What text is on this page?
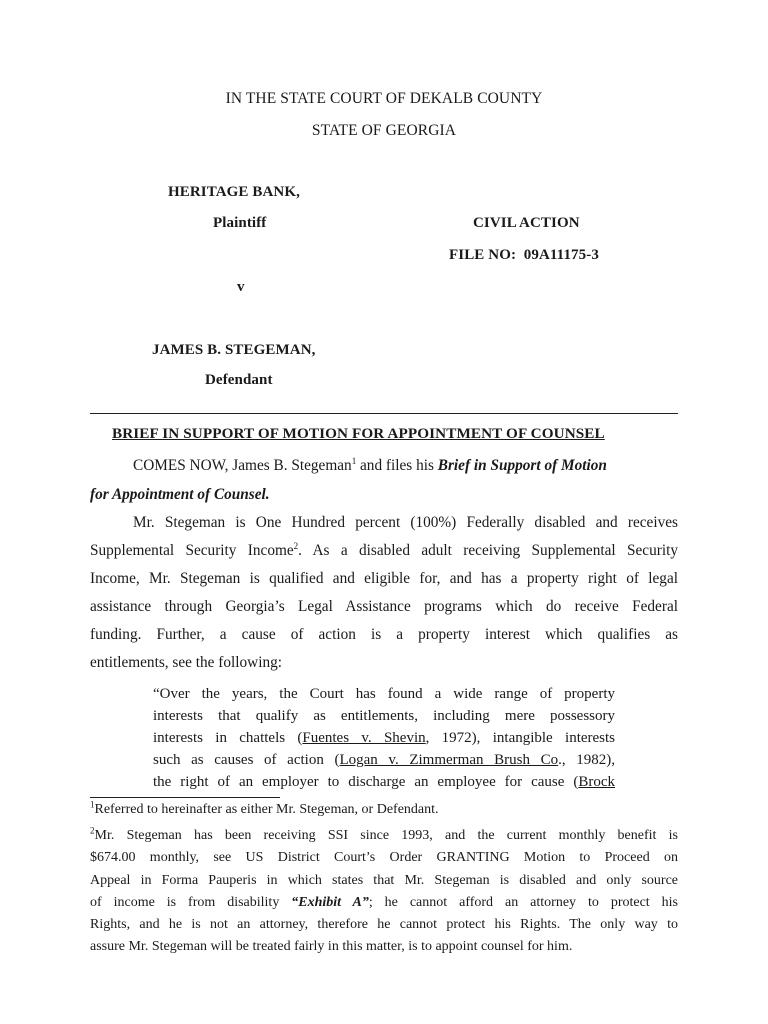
IN THE STATE COURT OF DEKALB COUNTY
STATE OF GEORGIA
HERITAGE BANK,
Plaintiff	CIVIL ACTION
FILE NO: 09A11175-3
v
JAMES B. STEGEMAN,
Defendant
BRIEF IN SUPPORT OF MOTION FOR APPOINTMENT OF COUNSEL
COMES NOW, James B. Stegeman$^1$ and files his Brief in Support of Motion
for Appointment of Counsel.
Mr. Stegeman is One Hundred percent (100%) Federally disabled and receives
Supplemental Security Income$^2$. As a disabled adult receiving Supplemental Security
Income, Mr. Stegeman is qualified and eligible for, and has a property right of legal
assistance through Georgia’s Legal Assistance programs which do receive Federal
funding. Further, a cause of action is a property interest which qualifies as
entitlements, see the following:
“Over the years, the Court has found a wide range of property
interests that qualify as entitlements, including mere possessory
interests in chattels (Fuentes v. Shevin, 1972), intangible interests
such as causes of action (Logan v. Zimmerman Brush Co., 1982),
the right of an employer to discharge an employee for cause (Brock
$^1$Referred to hereinafter as either Mr. Stegeman, or Defendant.
$^2$Mr. Stegeman has been receiving SSI since 1993, and the current monthly benefit is
$674.00 monthly, see US District Court’s Order GRANTING Motion to Proceed on
Appeal in Forma Pauperis in which states that Mr. Stegeman is disabled and only source
of income is from disability “Exhibit A”; he cannot afford an attorney to protect his
Rights, and he is not an attorney, therefore he cannot protect his Rights. The only way to
assure Mr. Stegeman will be treated fairly in this matter, is to appoint counsel for him.
